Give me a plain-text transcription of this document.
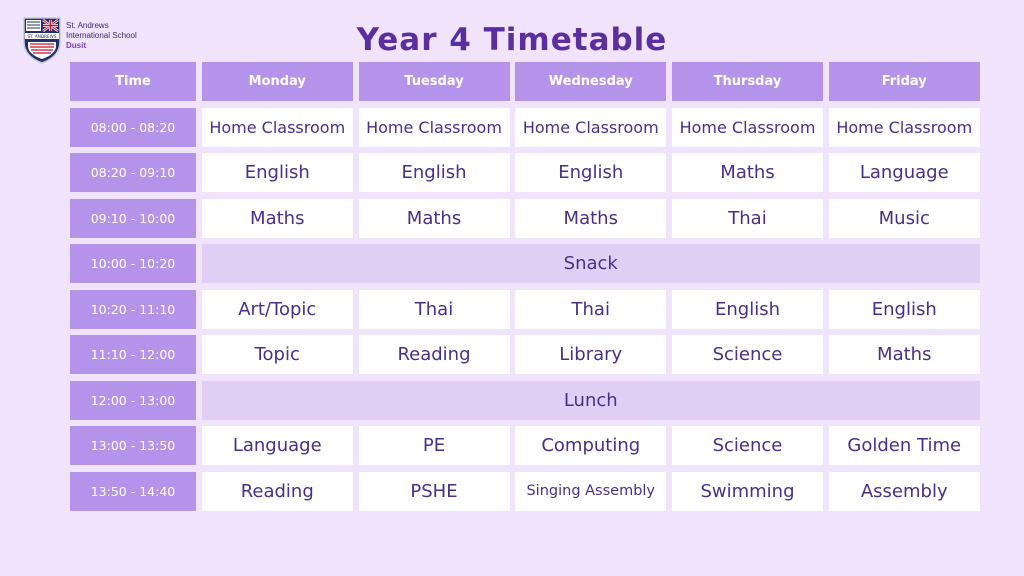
ST. ANDREWS
St. Andrews
International School
Dusit	Year 4 Timetable
Time	Monday	Tuesday	Wednesday	Thursday	Friday
08:00 - 08:20	Home Classroom	Home Classroom	Home Classroom	Home Classroom	Home Classroom
08:20 - 09:10	English	English	English	Maths	Language
09:10 - 10:00	Maths	Maths	Maths	Thai	Music
10:00 - 10:20	Snack
10:20 - 11:10	Art/Topic	Thai	Thai	English	English
11:10 - 12:00	Topic	Reading	Library	Science	Maths
12:00 - 13:00	Lunch
13:00 - 13:50	Language	PE	Computing	Science	Golden Time
13:50 - 14:40	Reading	PSHE	Singing Assembly	Swimming	Assembly
